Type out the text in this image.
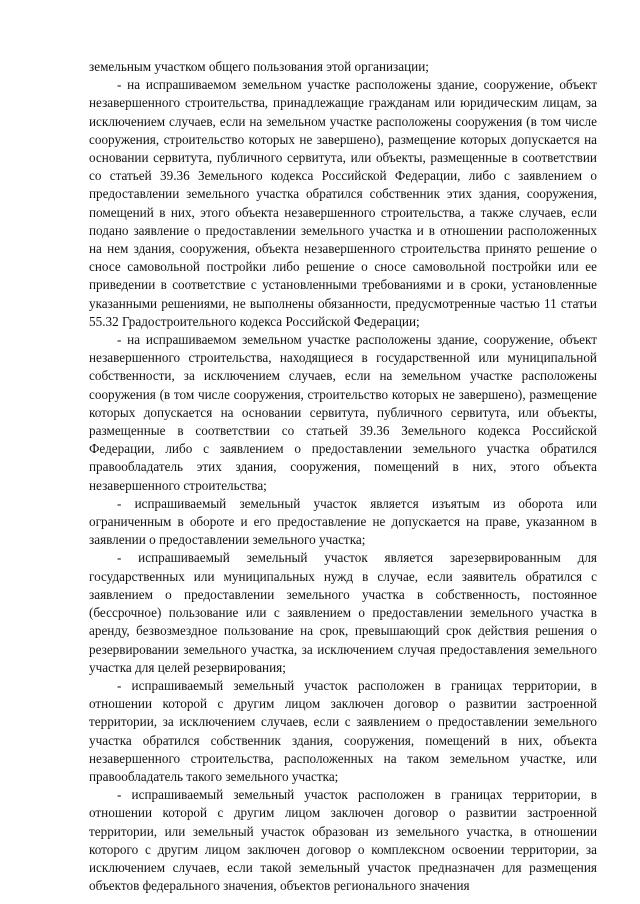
земельным участком общего пользования этой организации;

- на испрашиваемом земельном участке расположены здание, сооружение, объект незавершенного строительства, принадлежащие гражданам или юридическим лицам, за исключением случаев, если на земельном участке расположены сооружения (в том числе сооружения, строительство которых не завершено), размещение которых допускается на основании сервитута, публичного сервитута, или объекты, размещенные в соответствии со статьей 39.36 Земельного кодекса Российской Федерации, либо с заявлением о предоставлении земельного участка обратился собственник этих здания, сооружения, помещений в них, этого объекта незавершенного строительства, а также случаев, если подано заявление о предоставлении земельного участка и в отношении расположенных на нем здания, сооружения, объекта незавершенного строительства принято решение о сносе самовольной постройки либо решение о сносе самовольной постройки или ее приведении в соответствие с установленными требованиями и в сроки, установленные указанными решениями, не выполнены обязанности, предусмотренные частью 11 статьи 55.32 Градостроительного кодекса Российской Федерации;

- на испрашиваемом земельном участке расположены здание, сооружение, объект незавершенного строительства, находящиеся в государственной или муниципальной собственности, за исключением случаев, если на земельном участке расположены сооружения (в том числе сооружения, строительство которых не завершено), размещение которых допускается на основании сервитута, публичного сервитута, или объекты, размещенные в соответствии со статьей 39.36 Земельного кодекса Российской Федерации, либо с заявлением о предоставлении земельного участка обратился правообладатель этих здания, сооружения, помещений в них, этого объекта незавершенного строительства;

- испрашиваемый земельный участок является изъятым из оборота или ограниченным в обороте и его предоставление не допускается на праве, указанном в заявлении о предоставлении земельного участка;

- испрашиваемый земельный участок является зарезервированным для государственных или муниципальных нужд в случае, если заявитель обратился с заявлением о предоставлении земельного участка в собственность, постоянное (бессрочное) пользование или с заявлением о предоставлении земельного участка в аренду, безвозмездное пользование на срок, превышающий срок действия решения о резервировании земельного участка, за исключением случая предоставления земельного участка для целей резервирования;

- испрашиваемый земельный участок расположен в границах территории, в отношении которой с другим лицом заключен договор о развитии застроенной территории, за исключением случаев, если с заявлением о предоставлении земельного участка обратился собственник здания, сооружения, помещений в них, объекта незавершенного строительства, расположенных на таком земельном участке, или правообладатель такого земельного участка;

- испрашиваемый земельный участок расположен в границах территории, в отношении которой с другим лицом заключен договор о развитии застроенной территории, или земельный участок образован из земельного участка, в отношении которого с другим лицом заключен договор о комплексном освоении территории, за исключением случаев, если такой земельный участок предназначен для размещения объектов федерального значения, объектов регионального значения
